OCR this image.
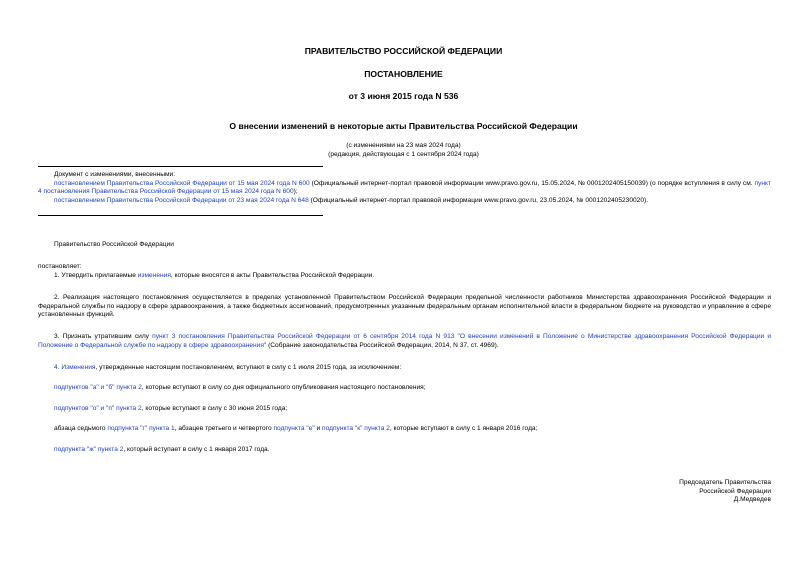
ПРАВИТЕЛЬСТВО РОССИЙСКОЙ ФЕДЕРАЦИИ
ПОСТАНОВЛЕНИЕ
от 3 июня 2015 года N 536
О внесении изменений в некоторые акты Правительства Российской Федерации
(с изменениями на 23 мая 2024 года)
(редакция, действующая с 1 сентября 2024 года)
Документ с изменениями, внесенными:
постановлением Правительства Российской Федерации от 15 мая 2024 года N 600 (Официальный интернет-портал правовой информации www.pravo.gov.ru, 15.05.2024, № 0001202405150039) (о порядке вступления в силу см. пункт 4 постановления Правительства Российской Федерации от 15 мая 2024 года N 600);
постановлением Правительства Российской Федерации от 23 мая 2024 года N 648 (Официальный интернет-портал правовой информации www.pravo.gov.ru, 23.05.2024, № 0001202405230020).
Правительство Российской Федерации
постановляет:
1. Утвердить прилагаемые изменения, которые вносятся в акты Правительства Российской Федерации.
2. Реализация настоящего постановления осуществляется в пределах установленной Правительством Российской Федерации предельной численности работников Министерства здравоохранения Российской Федерации и Федеральной службы по надзору в сфере здравоохранения, а также бюджетных ассигнований, предусмотренных указанным федеральным органам исполнительной власти в федеральном бюджете на руководство и управление в сфере установленных функций.
3. Признать утратившим силу пункт 3 постановления Правительства Российской Федерации от 6 сентября 2014 года N 913 "О внесении изменений в Положение о Министерстве здравоохранения Российской Федерации и Положение о Федеральной службе по надзору в сфере здравоохранения" (Собрание законодательства Российской Федерации, 2014, N 37, ст. 4969).
4. Изменения, утвержденные настоящим постановлением, вступают в силу с 1 июля 2015 года, за исключением:
подпунктов "а" и "б" пункта 2, которые вступают в силу со дня официального опубликования настоящего постановления;
подпунктов "о" и "п" пункта 2, которые вступают в силу с 30 июня 2015 года;
абзаца седьмого подпункта "г" пункта 1, абзацев третьего и четвертого подпункта "е" и подпункта "к" пункта 2, которые вступают в силу с 1 января 2016 года;
подпункта "ж" пункта 2, который вступает в силу с 1 января 2017 года.
Председатель Правительства
Российской Федерации
Д.Медведев
